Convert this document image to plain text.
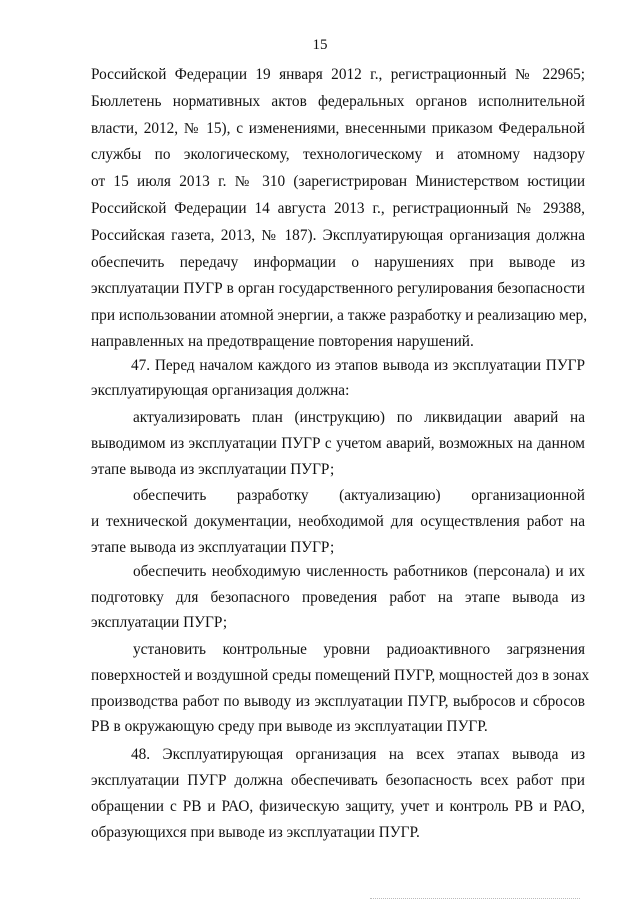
15
Российской Федерации 19 января 2012 г., регистрационный № 22965;
Бюллетень нормативных актов федеральных органов исполнительной
власти, 2012, № 15), с изменениями, внесенными приказом Федеральной
службы по экологическому, технологическому и атомному надзору
от 15 июля 2013 г. № 310 (зарегистрирован Министерством юстиции
Российской Федерации 14 августа 2013 г., регистрационный № 29388,
Российская газета, 2013, № 187). Эксплуатирующая организация должна
обеспечить передачу информации о нарушениях при выводе из
эксплуатации ПУГР в орган государственного регулирования безопасности
при использовании атомной энергии, а также разработку и реализацию мер,
направленных на предотвращение повторения нарушений.
47. Перед началом каждого из этапов вывода из эксплуатации ПУГР
эксплуатирующая организация должна:
актуализировать план (инструкцию) по ликвидации аварий на
выводимом из эксплуатации ПУГР с учетом аварий, возможных на данном
этапе вывода из эксплуатации ПУГР;
обеспечить разработку (актуализацию) организационной
и технической документации, необходимой для осуществления работ на
этапе вывода из эксплуатации ПУГР;
обеспечить необходимую численность работников (персонала) и их
подготовку для безопасного проведения работ на этапе вывода из
эксплуатации ПУГР;
установить контрольные уровни радиоактивного загрязнения
поверхностей и воздушной среды помещений ПУГР, мощностей доз в зонах
производства работ по выводу из эксплуатации ПУГР, выбросов и сбросов
РВ в окружающую среду при выводе из эксплуатации ПУГР.
48. Эксплуатирующая организация на всех этапах вывода из
эксплуатации ПУГР должна обеспечивать безопасность всех работ при
обращении с РВ и РАО, физическую защиту, учет и контроль РВ и РАО,
образующихся при выводе из эксплуатации ПУГР.
